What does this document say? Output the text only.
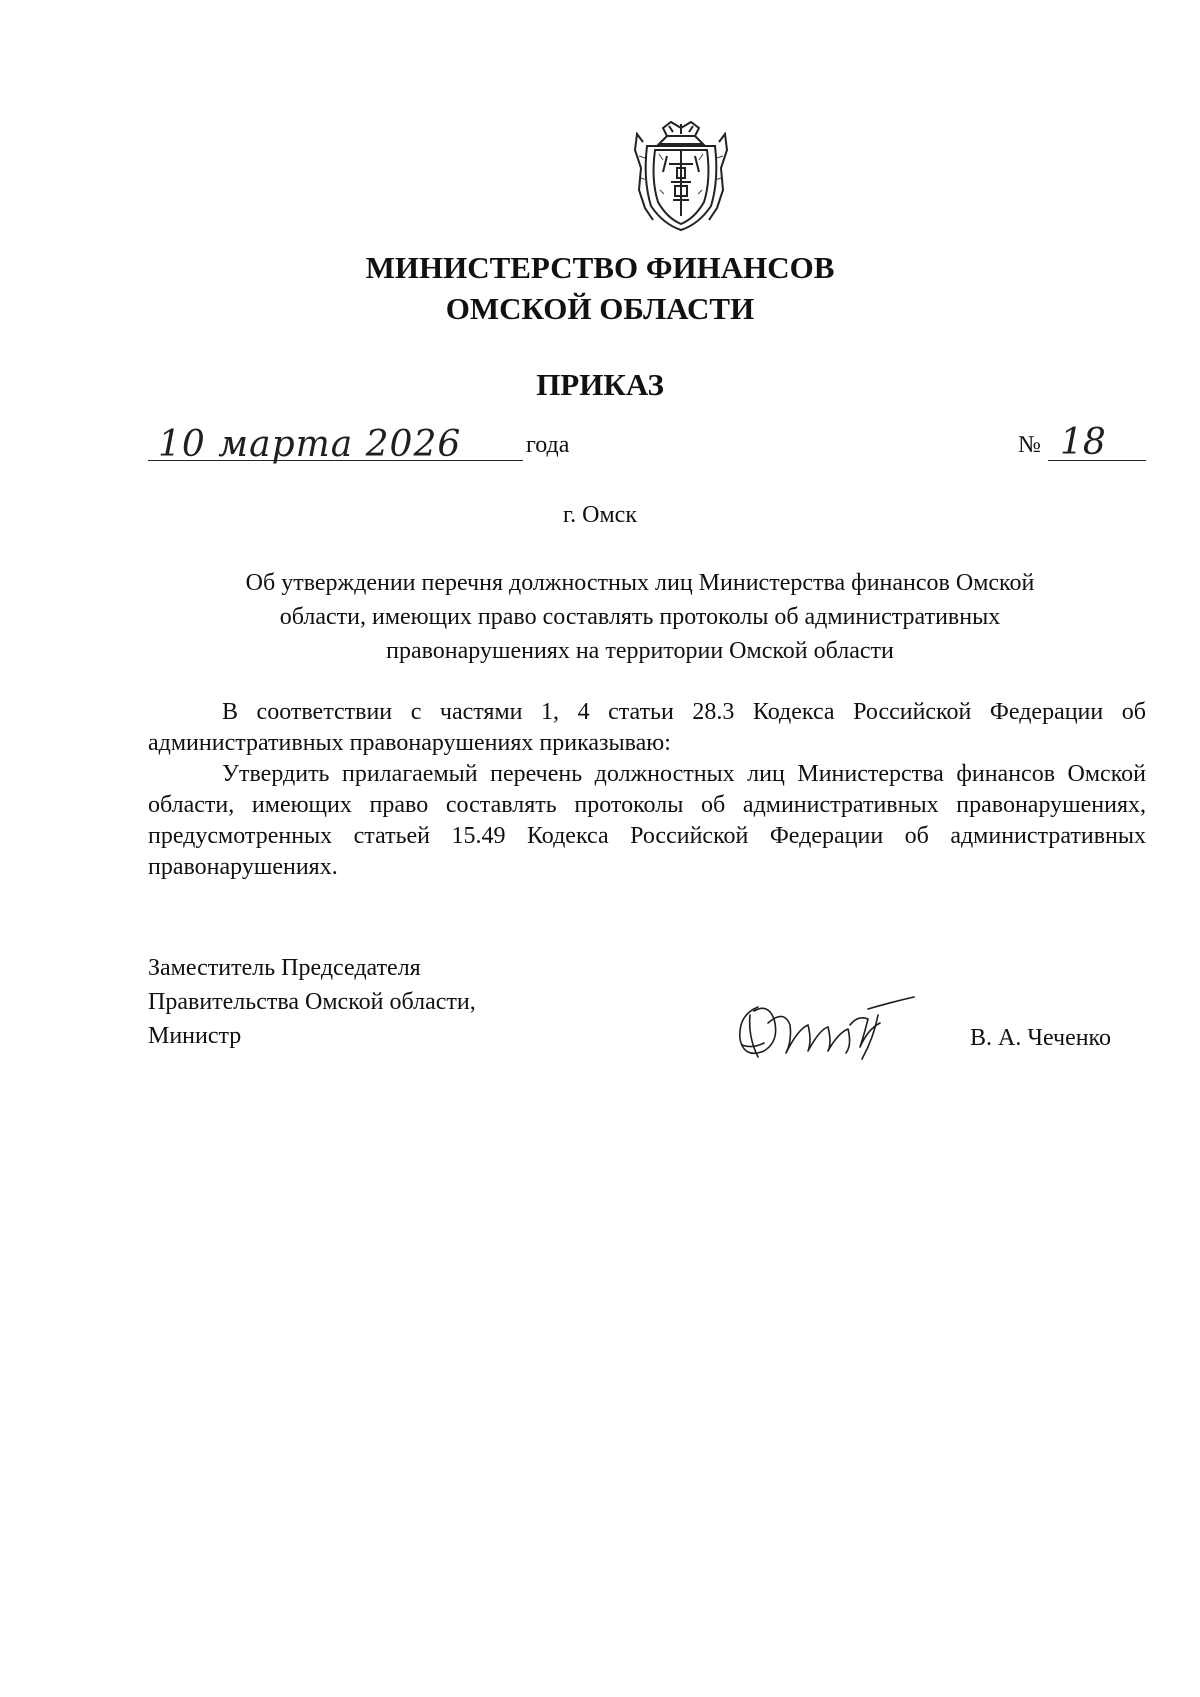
МИНИСТЕРСТВО ФИНАНСОВ
ОМСКОЙ ОБЛАСТИ
ПРИКАЗ
10 марта 2026	года	№ 18
г. Омск
Об утверждении перечня должностных лиц Министерства финансов Омской
области, имеющих право составлять протоколы об административных
правонарушениях на территории Омской области
В соответствии с частями 1, 4 статьи 28.3 Кодекса Российской Федерации об административных правонарушениях приказываю:
Утвердить прилагаемый перечень должностных лиц Министерства финансов Омской области, имеющих право составлять протоколы об административных правонарушениях, предусмотренных статьей 15.49 Кодекса Российской Федерации об административных правонарушениях.
Заместитель Председателя
Правительства Омской области,
Министр	В. А. Чеченко
